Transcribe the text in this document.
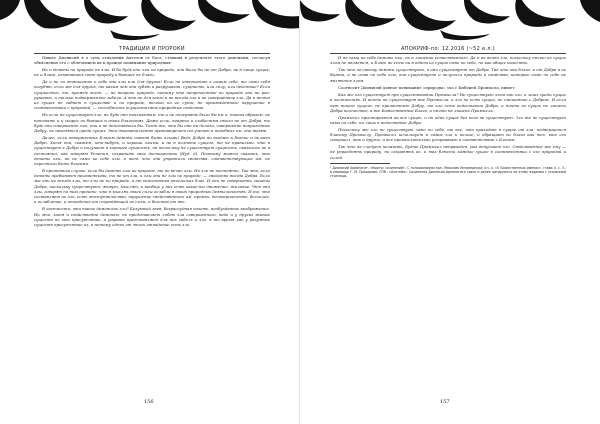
ТРАДИЦИИ И ПРОРОКИ

Пишет Дионисий в о сути отпадения Ангелов от Бога, ставших в результате этого демонами, согласуя объяснение его с облечением их к прежде понимание природных:

Но и демоны по природе не злы. И бо будь они злы по природе, они были бы не от Добра, не в чище сущих; не и благи, изменивших свою природу и бывших не благи.

Да и не по отношению к себе они злы или для других! Если по отношению к самим себе, то сами себя погубят, если же для других, то каким чем они губят и разрушают, сущность, или силу, или действие? Если сущностью, то, прежде всего, — не вопреки природе, потому что непричастное по природе они не разрушают, и только подверженное гибели. А это не для всего и не всегда зло и не совершенное зло. Да и ничто из сущих не гибнет в существе и по природе, только по ее сути; но произведенного нарушение в соответствии с природой, — способность осуществлять природные свойства.

Но если не существует зло, не будь оно неизменным, то и не почерпать было бы им и, таким образом, не понимать и к скорее их бывших в своих благостях. Даже если, вопреки и слабостям стали не от Добра, то будь они совершенно злы, они и не действовали бы. Тогда же, что бы они ни делали, совершенно непригодные Добру, не находятся среди сущих. Это доказательство противоречит им учению и подобных им, они видят.

Далее, если поверженные Благом демоны имеют быть злыми! Ведь Добро ни входит в бытие и делает Добро. Хотя они, скажем, кто-нибудь, и хороши злыми, и не в полноте сущего, то не правильно, что в существует к Добро и получает в хорошее сущность, на поскольку не существует сущность, оказались не в состоянии, как говорят Речения, сохранить свое достоинство (Иуд. 6). Поэтому можно сказать, что демоны злы, но не сами по себе злы, а тем, что они утратили свойства, соответствующие им, не перестали быть благими.

В противном случае, если бы демоны злы по природе, то не вечно злы. Но зло не постоянно. Так что, если демоны пребывают неизменными, то не от зла, и злы они не злы по природе, — свойство всегда Добра. Если же они не всегда злы, то злы не по природе, а от недостатка ангельских благ. И они не совершенно лишены Добра, поскольку существуют, живут, мыслят, и вообще у них есть какое-то движение, желание. Что они злы, говорят по той причине, что в мыслях своей силы ослабли в своих природных деятельностях. И то, что составляет их зло, есть отступничество, нарушение свойственного им, промах, несовершенство, бессилие, и ослабление, и отпадение от сохраняющей их силы, и бегство от нее.

В частности, что такое демонское зло? Безумный гнев, безрассудная похоть, необузданное воображение. Но это, хотя и свойственно демонам, не представляет собою зла совершенного, ведь и у других живых существ не это присутствие, а утрата представляет для них гибель и зло, в то время как у разумных существ присутствие их, а потому одних от этого отпадение есть зло.

156
АПОКРИФ-по: 12.2016 (~52 е.л.)

И не сами по себе демоны злы, но в лишении естественного. Да и не вечно зло, поскольку ничто из сущих злом не является, и Благо не есть ни в одном из сущих само по себе, но как общее качество.

Так что по-своему демоны существуют, и они существуют от Добра. Так что они блага, и от Добра в их бытии, а не сами по себе злы; они существуют и получили природы и свойства, которые сами по себе не являются злом.

Соотносит Дионисий данное понимание «природы» зла с Библией Промысла, пишет:

Как же зло существует при существовании Промысла? Не существует злом как зло, а лишь среди сущих в частностях. И ничто не существует вне Промысла, и зло не есть сущее, но смешанное с Добром. И если нет ничего сущего, не причастного Добру, то зло есть недостаток Добра, и ничто из сущих не лишено Добра полностью, а все Божественное Благо, и ничто не лишено Промысла.

Промысел простирается на все сущее, и ни одно сущее без него не существует. Зло же не существует само по себе, но лишь в недостатке Добра.

Поскольку же зло не существует само по себе, то все, что приходит в сущие от зла, подвергается благому Промыслу. Промысел использует и самое зло к пользе, и обращает во благо как тех, кто его совершил, так и других, и все промыслительно устраивает в соответствии с Благом.

Так что не следует полагать, будто Промысел неправеден, раз допускает зло. Свойственное же ему — не упразднять природу, но сохранять ее, и так блюсти каждое сущее в соответствии с его природой и силой.

¹ Дионисий Ареопагит, «Корпус сочинений». С толкованиями прп. Максима Исповедника; кн. 4. «О Божественных именах», глава 4, с. 3.; в переводе Г. М. Прохорова. СПб.: «Алетейя». Сочинения Дионисия Ареопагита здесь и далее цитируются по этому изданию с указанием страницы.
157
